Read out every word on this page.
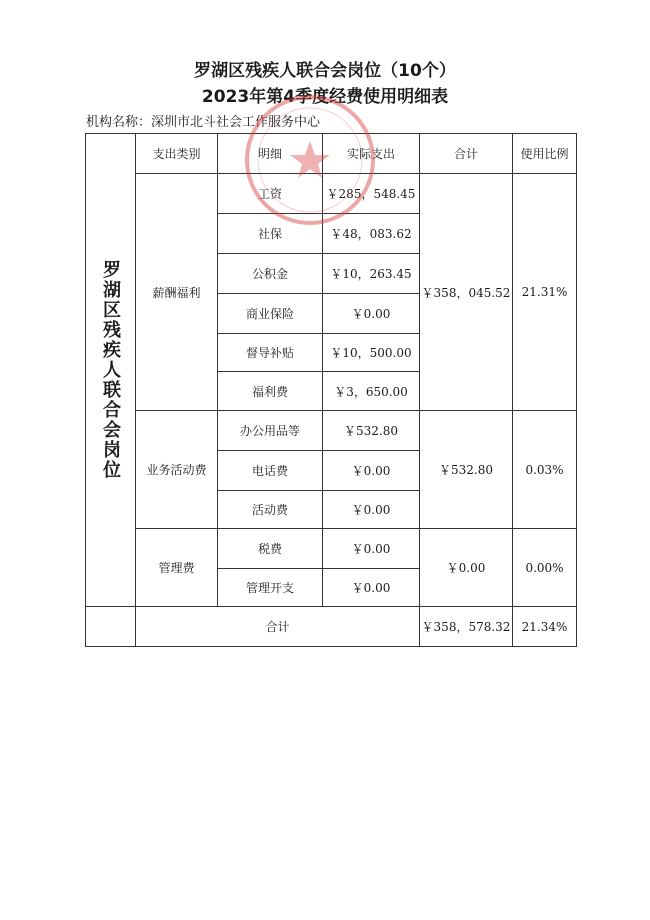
罗湖区残疾人联合会岗位（10个）
2023年第4季度经费使用明细表
机构名称：深圳市北斗社会工作服务中心
罗湖区残疾人联合会岗位	支出类别	明细	实际支出	合计	使用比例
	薪酬福利	工资	￥285，548.45	￥358，045.52	21.31%
		社保	￥48，083.62		
		公积金	￥10，263.45		
		商业保险	￥0.00		
		督导补贴	￥10，500.00		
		福利费	￥3，650.00		
	业务活动费	办公用品等	￥532.80	￥532.80	0.03%
		电话费	￥0.00		
		活动费	￥0.00		
	管理费	税费	￥0.00	￥0.00	0.00%
		管理开支	￥0.00		
	合计			￥358，578.32	21.34%
